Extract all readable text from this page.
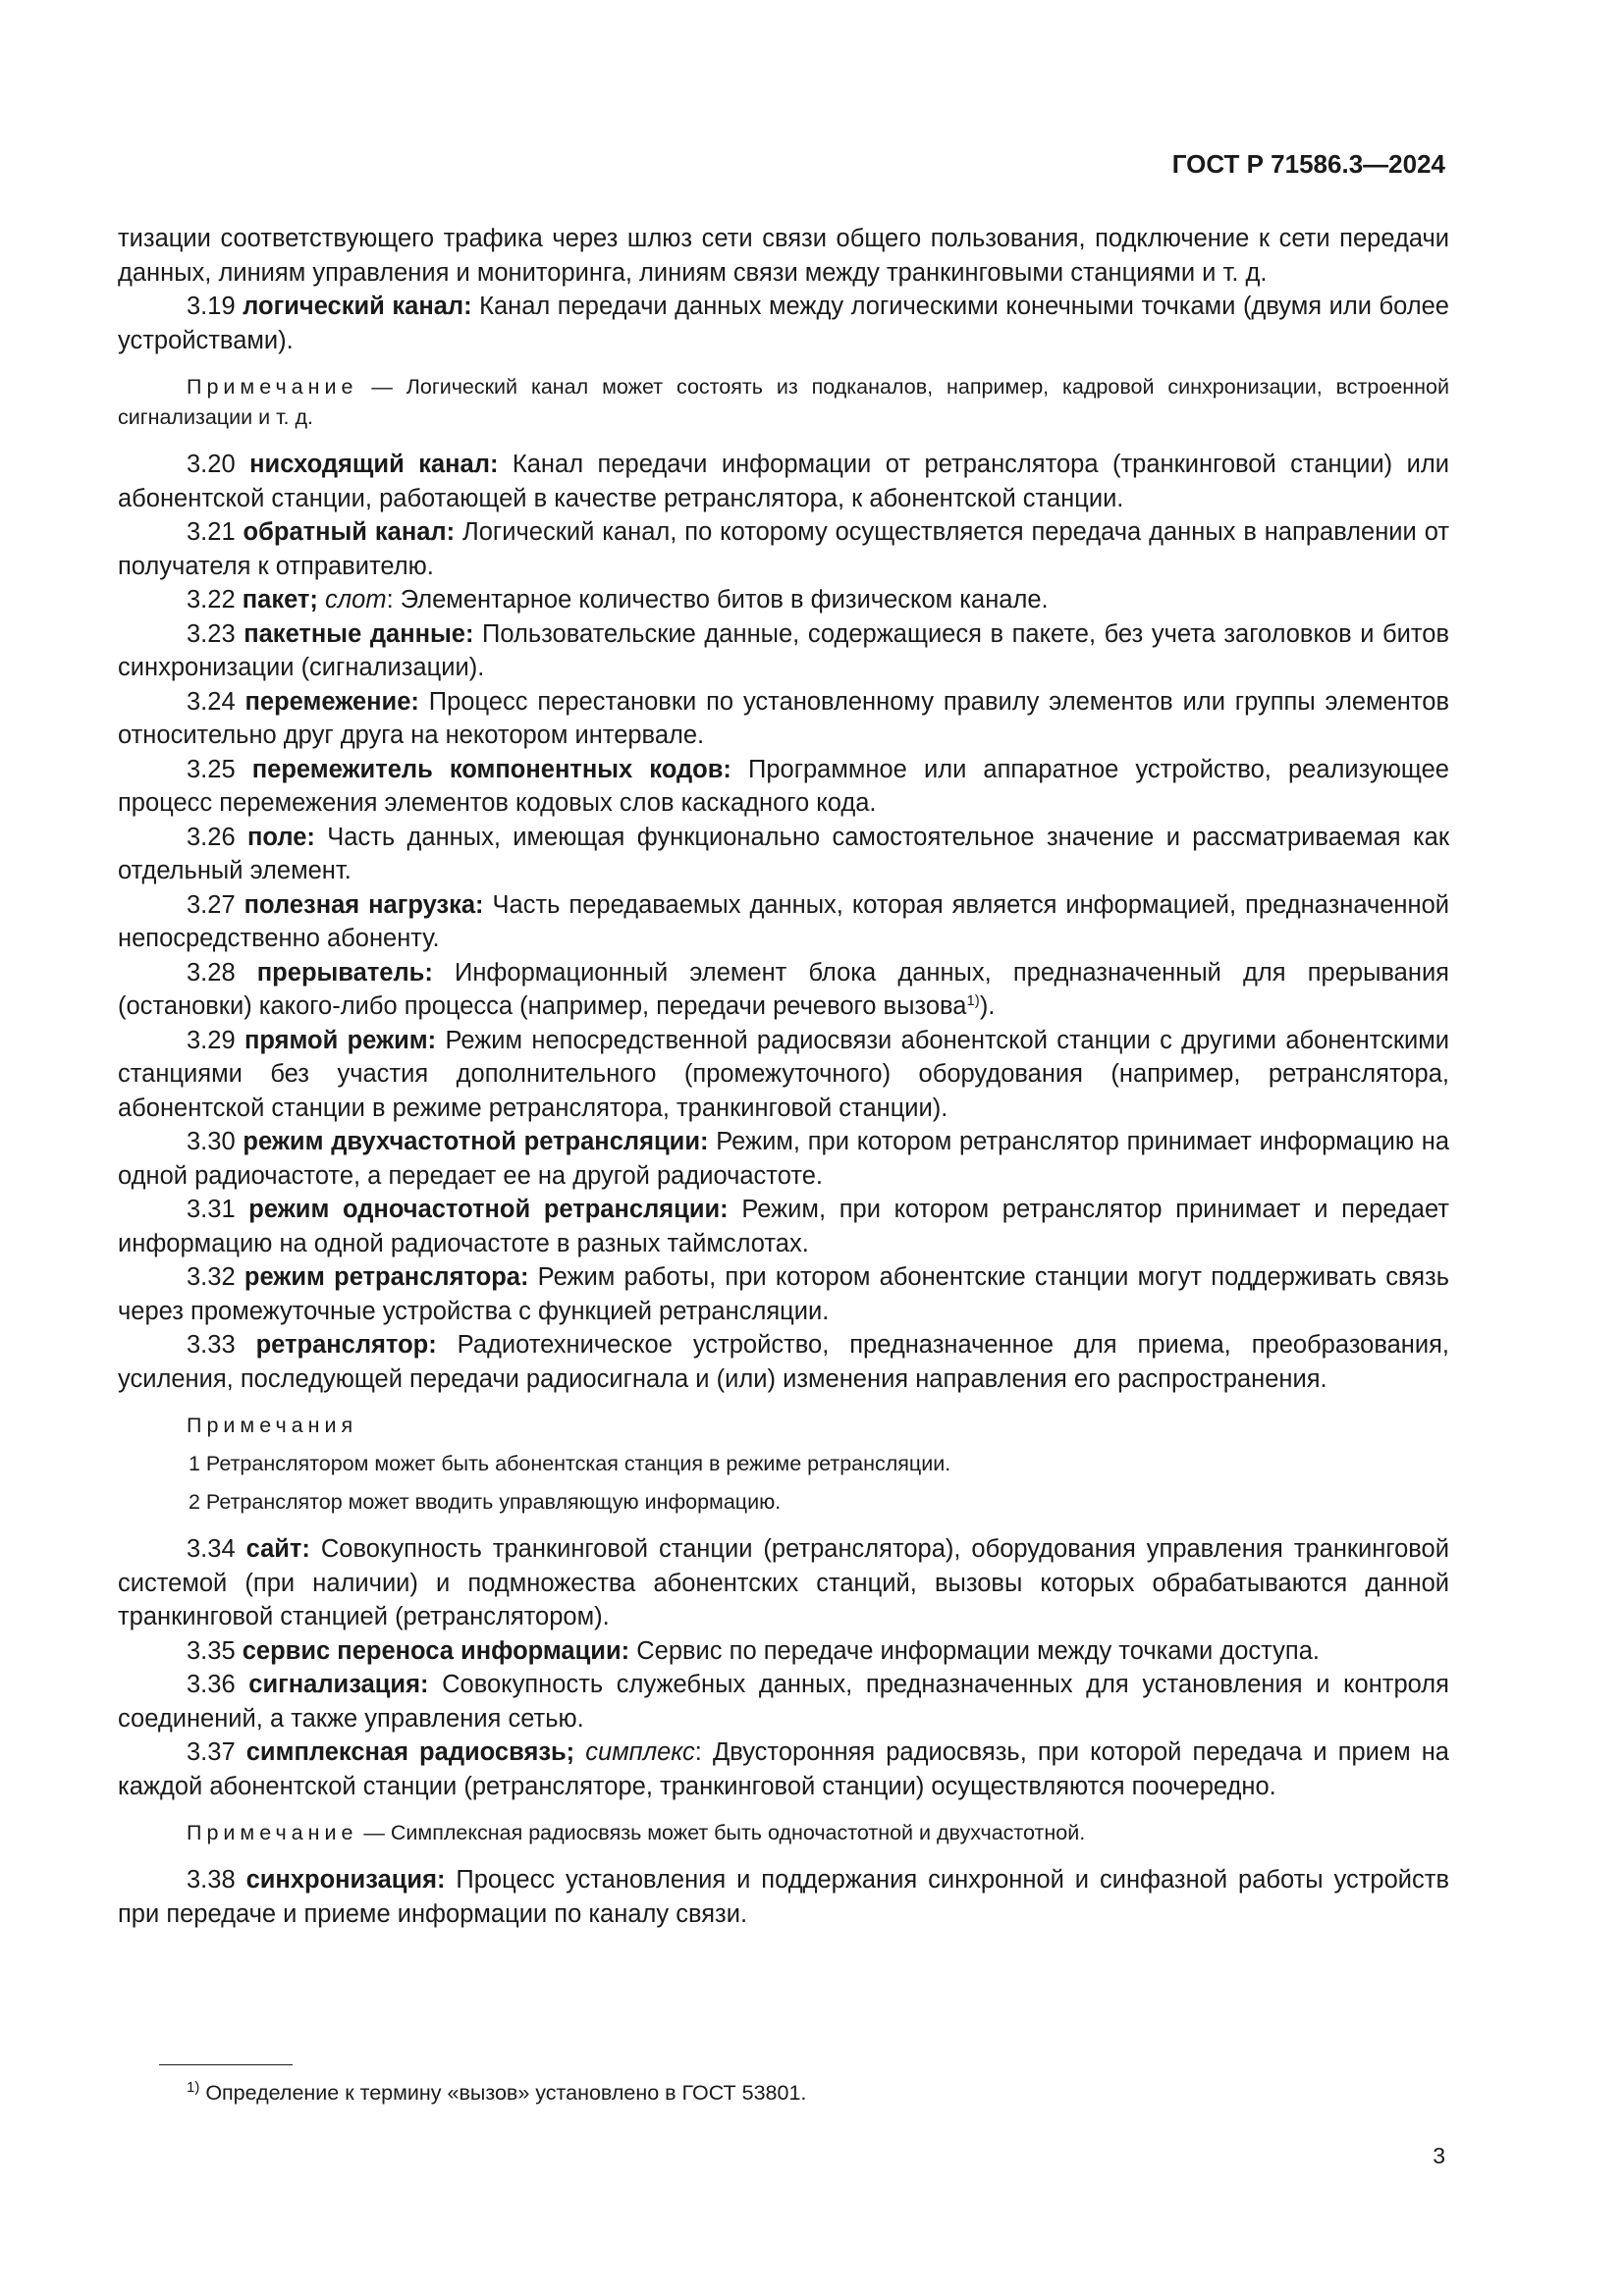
ГОСТ Р 71586.3—2024

тизации соответствующего трафика через шлюз сети связи общего пользования, подключение к сети передачи данных, линиям управления и мониторинга, линиям связи между транкинговыми станциями и т. д.

3.19 логический канал: Канал передачи данных между логическими конечными точками (двумя или более устройствами).

Примечание — Логический канал может состоять из подканалов, например, кадровой синхронизации, встроенной сигнализации и т. д.

3.20 нисходящий канал: Канал передачи информации от ретранслятора (транкинговой станции) или абонентской станции, работающей в качестве ретранслятора, к абонентской станции.

3.21 обратный канал: Логический канал, по которому осуществляется передача данных в направлении от получателя к отправителю.

3.22 пакет; слот: Элементарное количество битов в физическом канале.

3.23 пакетные данные: Пользовательские данные, содержащиеся в пакете, без учета заголовков и битов синхронизации (сигнализации).

3.24 перемежение: Процесс перестановки по установленному правилу элементов или группы элементов относительно друг друга на некотором интервале.

3.25 перемежитель компонентных кодов: Программное или аппаратное устройство, реализующее процесс перемежения элементов кодовых слов каскадного кода.

3.26 поле: Часть данных, имеющая функционально самостоятельное значение и рассматриваемая как отдельный элемент.

3.27 полезная нагрузка: Часть передаваемых данных, которая является информацией, предназначенной непосредственно абоненту.

3.28 прерыватель: Информационный элемент блока данных, предназначенный для прерывания (остановки) какого-либо процесса (например, передачи речевого вызова$^{1)}$).

3.29 прямой режим: Режим непосредственной радиосвязи абонентской станции с другими абонентскими станциями без участия дополнительного (промежуточного) оборудования (например, ретранслятора, абонентской станции в режиме ретранслятора, транкинговой станции).

3.30 режим двухчастотной ретрансляции: Режим, при котором ретранслятор принимает информацию на одной радиочастоте, а передает ее на другой радиочастоте.

3.31 режим одночастотной ретрансляции: Режим, при котором ретранслятор принимает и передает информацию на одной радиочастоте в разных таймслотах.

3.32 режим ретранслятора: Режим работы, при котором абонентские станции могут поддерживать связь через промежуточные устройства с функцией ретрансляции.

3.33 ретранслятор: Радиотехническое устройство, предназначенное для приема, преобразования, усиления, последующей передачи радиосигнала и (или) изменения направления его распространения.

Примечания

1 Ретранслятором может быть абонентская станция в режиме ретрансляции.

2 Ретранслятор может вводить управляющую информацию.

3.34 сайт: Совокупность транкинговой станции (ретранслятора), оборудования управления транкинговой системой (при наличии) и подмножества абонентских станций, вызовы которых обрабатываются данной транкинговой станцией (ретранслятором).

3.35 сервис переноса информации: Сервис по передаче информации между точками доступа.

3.36 сигнализация: Совокупность служебных данных, предназначенных для установления и контроля соединений, а также управления сетью.

3.37 симплексная радиосвязь; симплекс: Двусторонняя радиосвязь, при которой передача и прием на каждой абонентской станции (ретрансляторе, транкинговой станции) осуществляются поочередно.

Примечание — Симплексная радиосвязь может быть одночастотной и двухчастотной.

3.38 синхронизация: Процесс установления и поддержания синхронной и синфазной работы устройств при передаче и приеме информации по каналу связи.

$^{1)}$ Определение к термину «вызов» установлено в ГОСТ 53801.
3
